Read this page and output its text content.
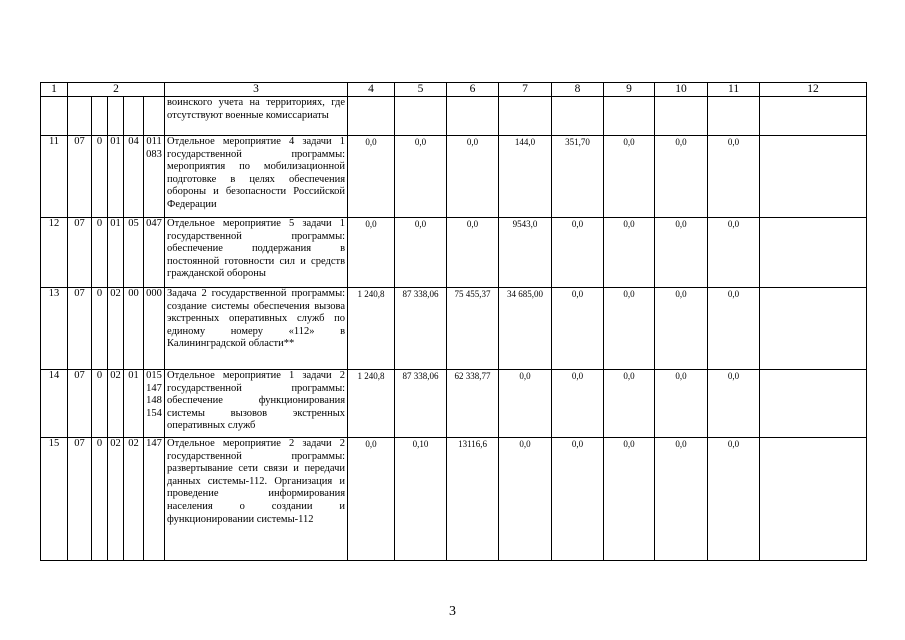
1	2					3	4	5	6	7	8	9	10	11	12
						воинского учета на территориях, где отсутствуют военные комиссариаты									
11	07	0	01	04	011 083	Отдельное мероприятие 4 задачи 1 государственной программы: мероприятия по мобилизационной подготовке в целях обеспечения обороны и безопасности Российской Федерации	0,0	0,0	0,0	144,0	351,70	0,0	0,0	0,0	
12	07	0	01	05	047	Отдельное мероприятие 5 задачи 1 государственной программы: обеспечение поддержания в постоянной готовности сил и средств гражданской обороны	0,0	0,0	0,0	9543,0	0,0	0,0	0,0	0,0	
13	07	0	02	00	000	Задача 2 государственной программы: создание системы обеспечения вызова экстренных оперативных служб по единому номеру «112» в Калининградской области**	1 240,8	87 338,06	75 455,37	34 685,00	0,0	0,0	0,0	0,0	
14	07	0	02	01	015 147 148 154	Отдельное мероприятие 1 задачи 2 государственной программы: обеспечение функционирования системы вызовов экстренных оперативных служб	1 240,8	87 338,06	62 338,77	0,0	0,0	0,0	0,0	0,0	
15	07	0	02	02	147	Отдельное мероприятие 2 задачи 2 государственной программы: развертывание сети связи и передачи данных системы-112. Организация и проведение информирования населения о создании и функционировании системы-112	0,0	0,10	13116,6	0,0	0,0	0,0	0,0	0,0	
3
